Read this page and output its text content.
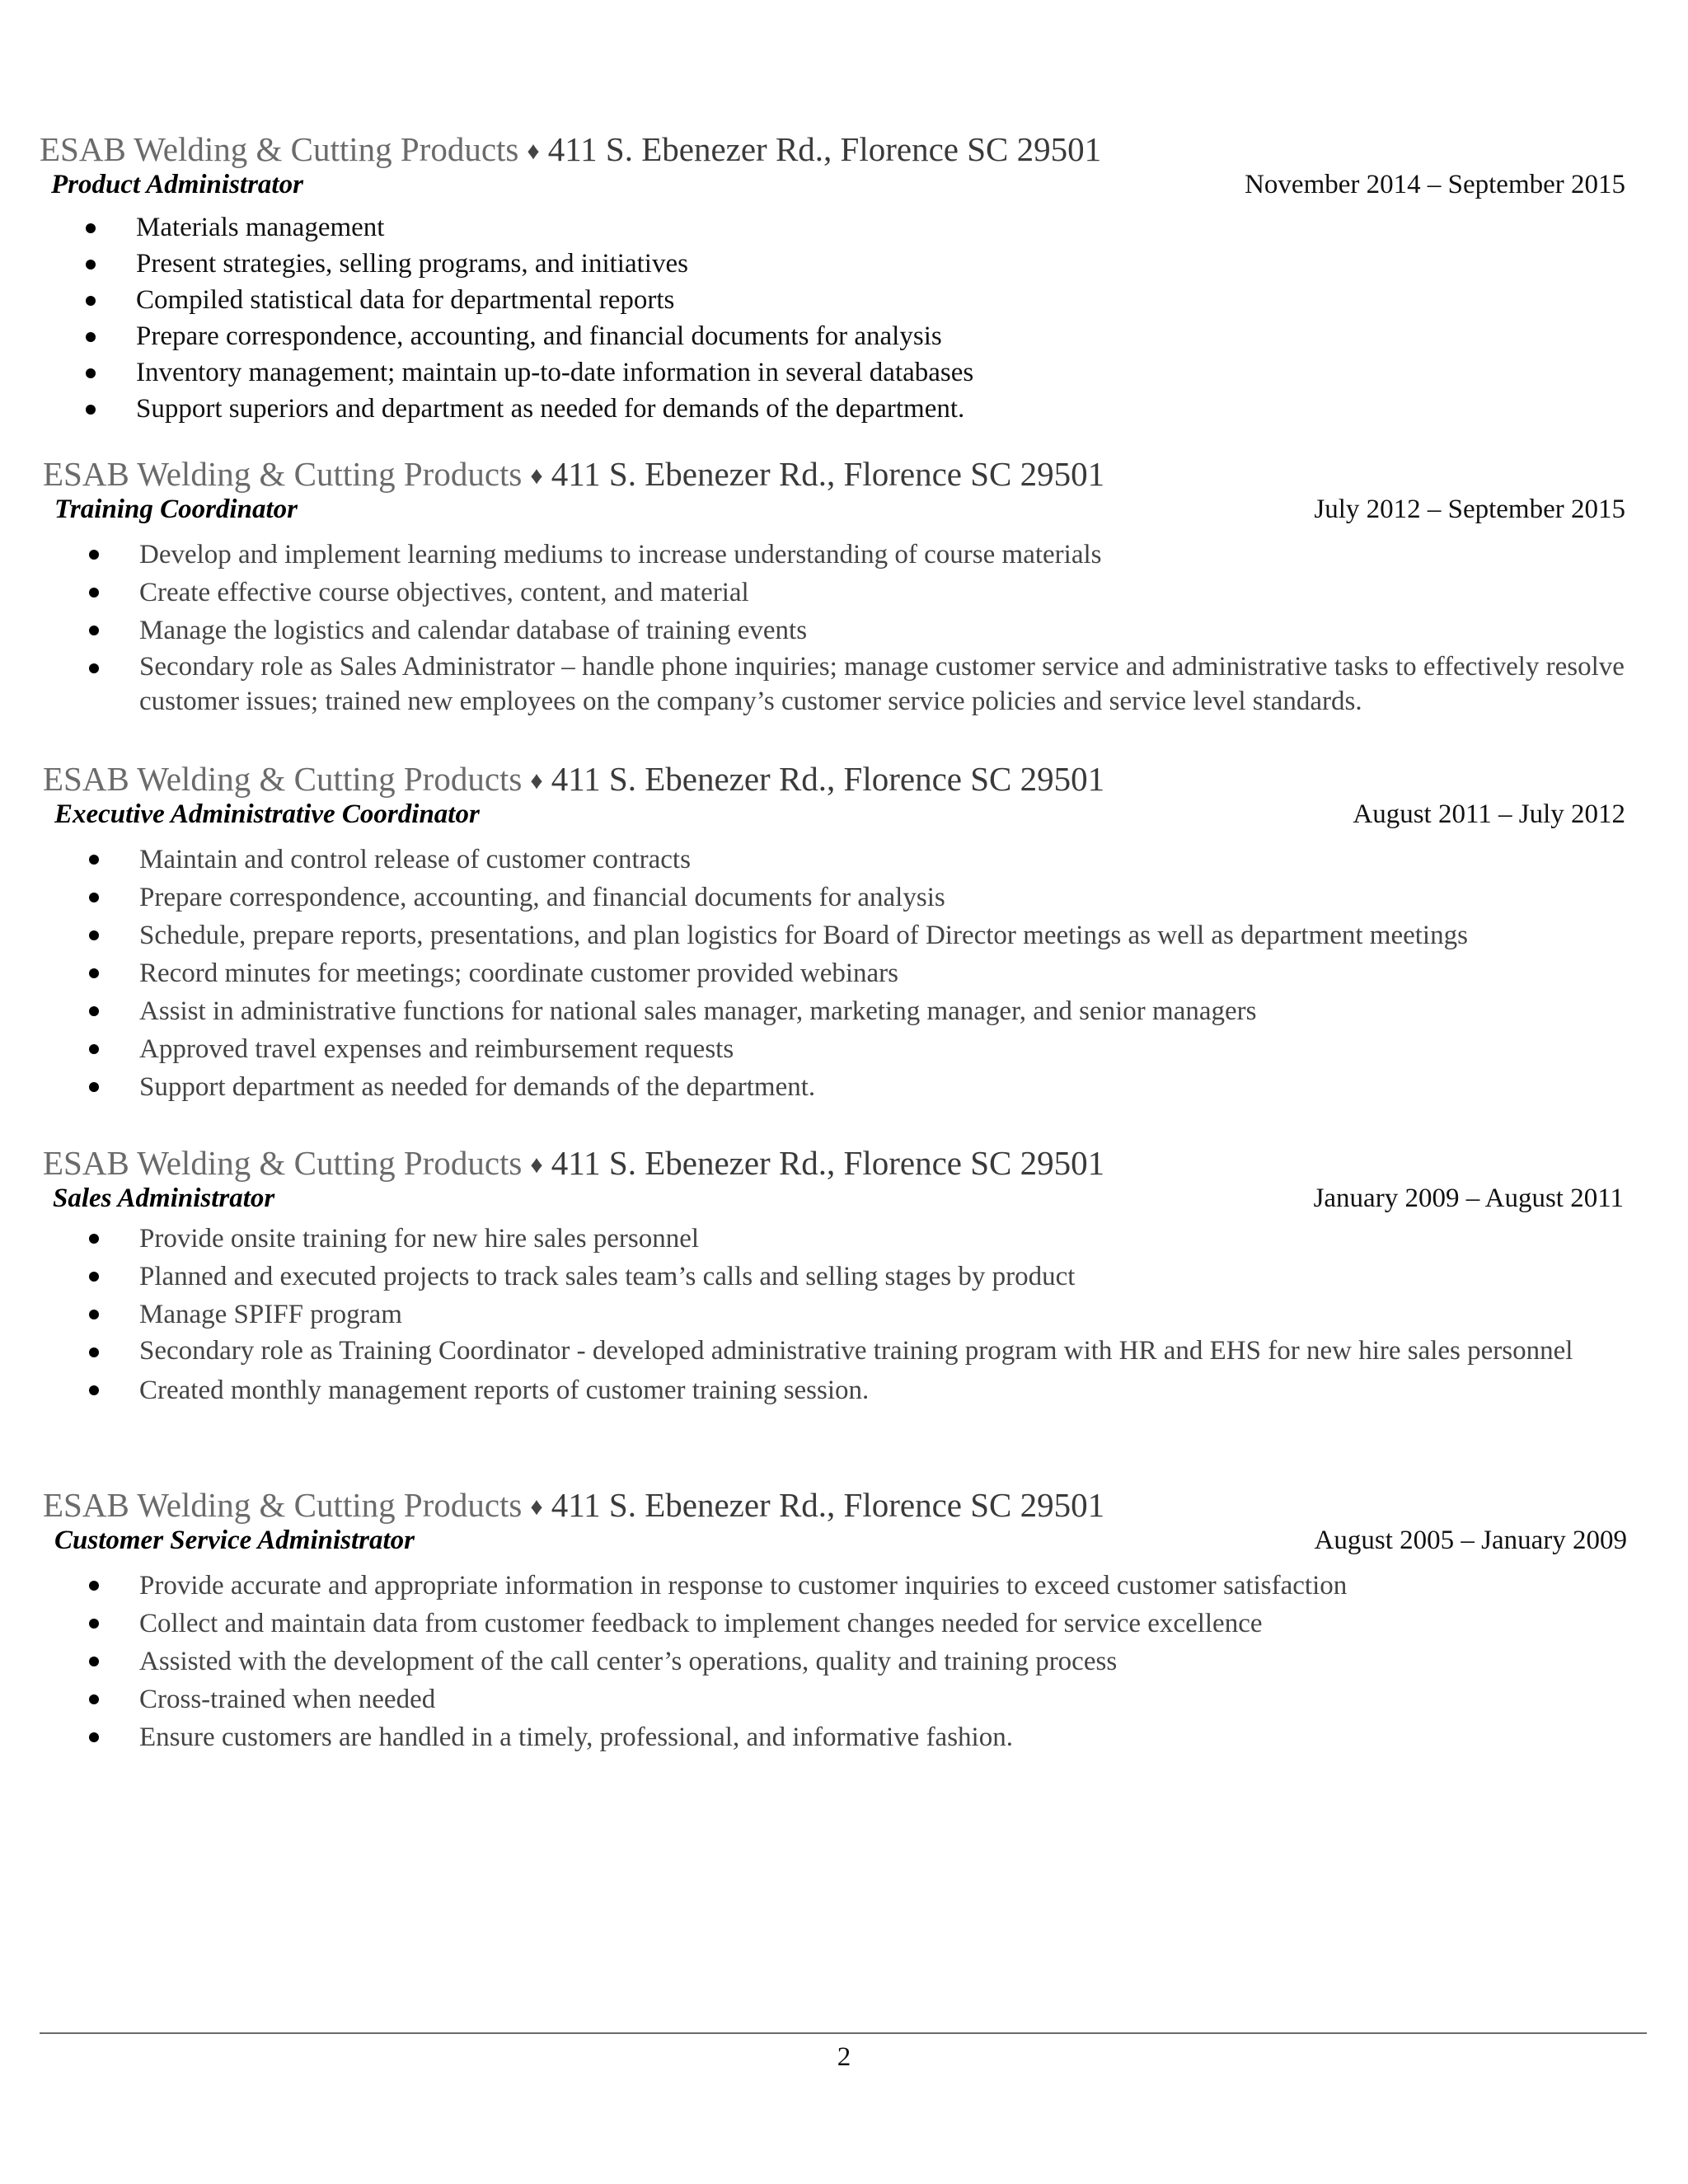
ESAB Welding & Cutting Products ♦ 411 S. Ebenezer Rd., Florence SC 29501
Product Administrator	November 2014 – September 2015
Materials management
Present strategies, selling programs, and initiatives
Compiled statistical data for departmental reports
Prepare correspondence, accounting, and financial documents for analysis
Inventory management; maintain up-to-date information in several databases
Support superiors and department as needed for demands of the department.
ESAB Welding & Cutting Products ♦ 411 S. Ebenezer Rd., Florence SC 29501
Training Coordinator	July 2012 – September 2015
Develop and implement learning mediums to increase understanding of course materials
Create effective course objectives, content, and material
Manage the logistics and calendar database of training events
Secondary role as Sales Administrator – handle phone inquiries; manage customer service and administrative tasks to effectively resolve customer issues; trained new employees on the company’s customer service policies and service level standards.
ESAB Welding & Cutting Products ♦ 411 S. Ebenezer Rd., Florence SC 29501
Executive Administrative Coordinator	August 2011 – July 2012
Maintain and control release of customer contracts
Prepare correspondence, accounting, and financial documents for analysis
Schedule, prepare reports, presentations, and plan logistics for Board of Director meetings as well as department meetings
Record minutes for meetings; coordinate customer provided webinars
Assist in administrative functions for national sales manager, marketing manager, and senior managers
Approved travel expenses and reimbursement requests
Support department as needed for demands of the department.
ESAB Welding & Cutting Products ♦ 411 S. Ebenezer Rd., Florence SC 29501
Sales Administrator	January 2009 – August 2011
Provide onsite training for new hire sales personnel
Planned and executed projects to track sales team’s calls and selling stages by product
Manage SPIFF program
Secondary role as Training Coordinator - developed administrative training program with HR and EHS for new hire sales personnel
Created monthly management reports of customer training session.
ESAB Welding & Cutting Products ♦ 411 S. Ebenezer Rd., Florence SC 29501
Customer Service Administrator	August 2005 – January 2009
Provide accurate and appropriate information in response to customer inquiries to exceed customer satisfaction
Collect and maintain data from customer feedback to implement changes needed for service excellence
Assisted with the development of the call center’s operations, quality and training process
Cross-trained when needed
Ensure customers are handled in a timely, professional, and informative fashion.
2
